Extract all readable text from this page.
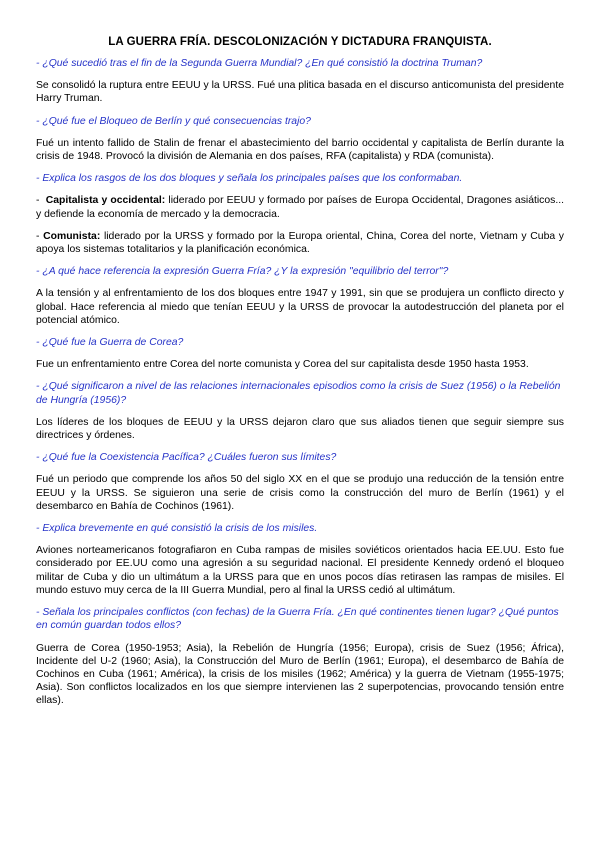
LA GUERRA FRÍA. DESCOLONIZACIÓN Y DICTADURA FRANQUISTA.

- ¿Qué sucedió tras el fin de la Segunda Guerra Mundial? ¿En qué consistió la doctrina Truman?

Se consolidó la ruptura entre EEUU y la URSS. Fué una plitica basada en el discurso anticomunista del presidente Harry Truman.

- ¿Qué fue el Bloqueo de Berlín y qué consecuencias trajo?

Fué un intento fallido de Stalin de frenar el abastecimiento del barrio occidental y capitalista de Berlín durante la crisis de 1948. Provocó la división de Alemania en dos países, RFA (capitalista) y RDA (comunista).

- Explica los rasgos de los dos bloques y señala los principales países que los conformaban.

-  Capitalista y occidental: liderado por EEUU y formado por países de Europa Occidental, Dragones asiáticos... y defiende la economía de mercado y la democracia.

- Comunista: liderado por la URSS y formado por la Europa oriental, China, Corea del norte, Vietnam y Cuba y apoya los sistemas totalitarios y la planificación económica.

- ¿A qué hace referencia la expresión Guerra Fría? ¿Y la expresión "equilibrio del terror"?

A la tensión y al enfrentamiento de los dos bloques entre 1947 y 1991, sin que se produjera un conflicto directo y global. Hace referencia al miedo que tenían EEUU y la URSS de provocar la autodestrucción del planeta por el potencial atómico.

- ¿Qué fue la Guerra de Corea?

Fue un enfrentamiento entre Corea del norte comunista y Corea del sur capitalista desde 1950 hasta 1953.

- ¿Qué significaron a nivel de las relaciones internacionales episodios como la crisis de Suez (1956) o la Rebelión de Hungría (1956)?

Los líderes de los bloques de EEUU y la URSS dejaron claro que sus aliados tienen que seguir siempre sus directrices y órdenes.

- ¿Qué fue la Coexistencia Pacífica? ¿Cuáles fueron sus límites?

Fué un periodo que comprende los años 50 del siglo XX en el que se produjo una reducción de la tensión entre EEUU y la URSS. Se siguieron una serie de crisis como la construcción del muro de Berlín (1961) y el desembarco en Bahía de Cochinos (1961).

- Explica brevemente en qué consistió la crisis de los misiles.

Aviones norteamericanos fotografiaron en Cuba rampas de misiles soviéticos orientados hacia EE.UU. Esto fue considerado por EE.UU como una agresión a su seguridad nacional. El presidente Kennedy ordenó el bloqueo militar de Cuba y dio un ultimátum a la URSS para que en unos pocos días retirasen las rampas de misiles. El mundo estuvo muy cerca de la III Guerra Mundial, pero al final la URSS cedió al ultimátum.

- Señala los principales conflictos (con fechas) de la Guerra Fría. ¿En qué continentes tienen lugar? ¿Qué puntos en común guardan todos ellos?

Guerra de Corea (1950-1953; Asia), la Rebelión de Hungría (1956; Europa), crisis de Suez (1956; África), Incidente del U-2 (1960; Asia), la Construcción del Muro de Berlín (1961; Europa), el desembarco de Bahía de Cochinos en Cuba (1961; América), la crisis de los misiles (1962; América) y la guerra de Vietnam (1955-1975; Asia). Son conflictos localizados en los que siempre intervienen las 2 superpotencias, provocando tensión entre ellas).
